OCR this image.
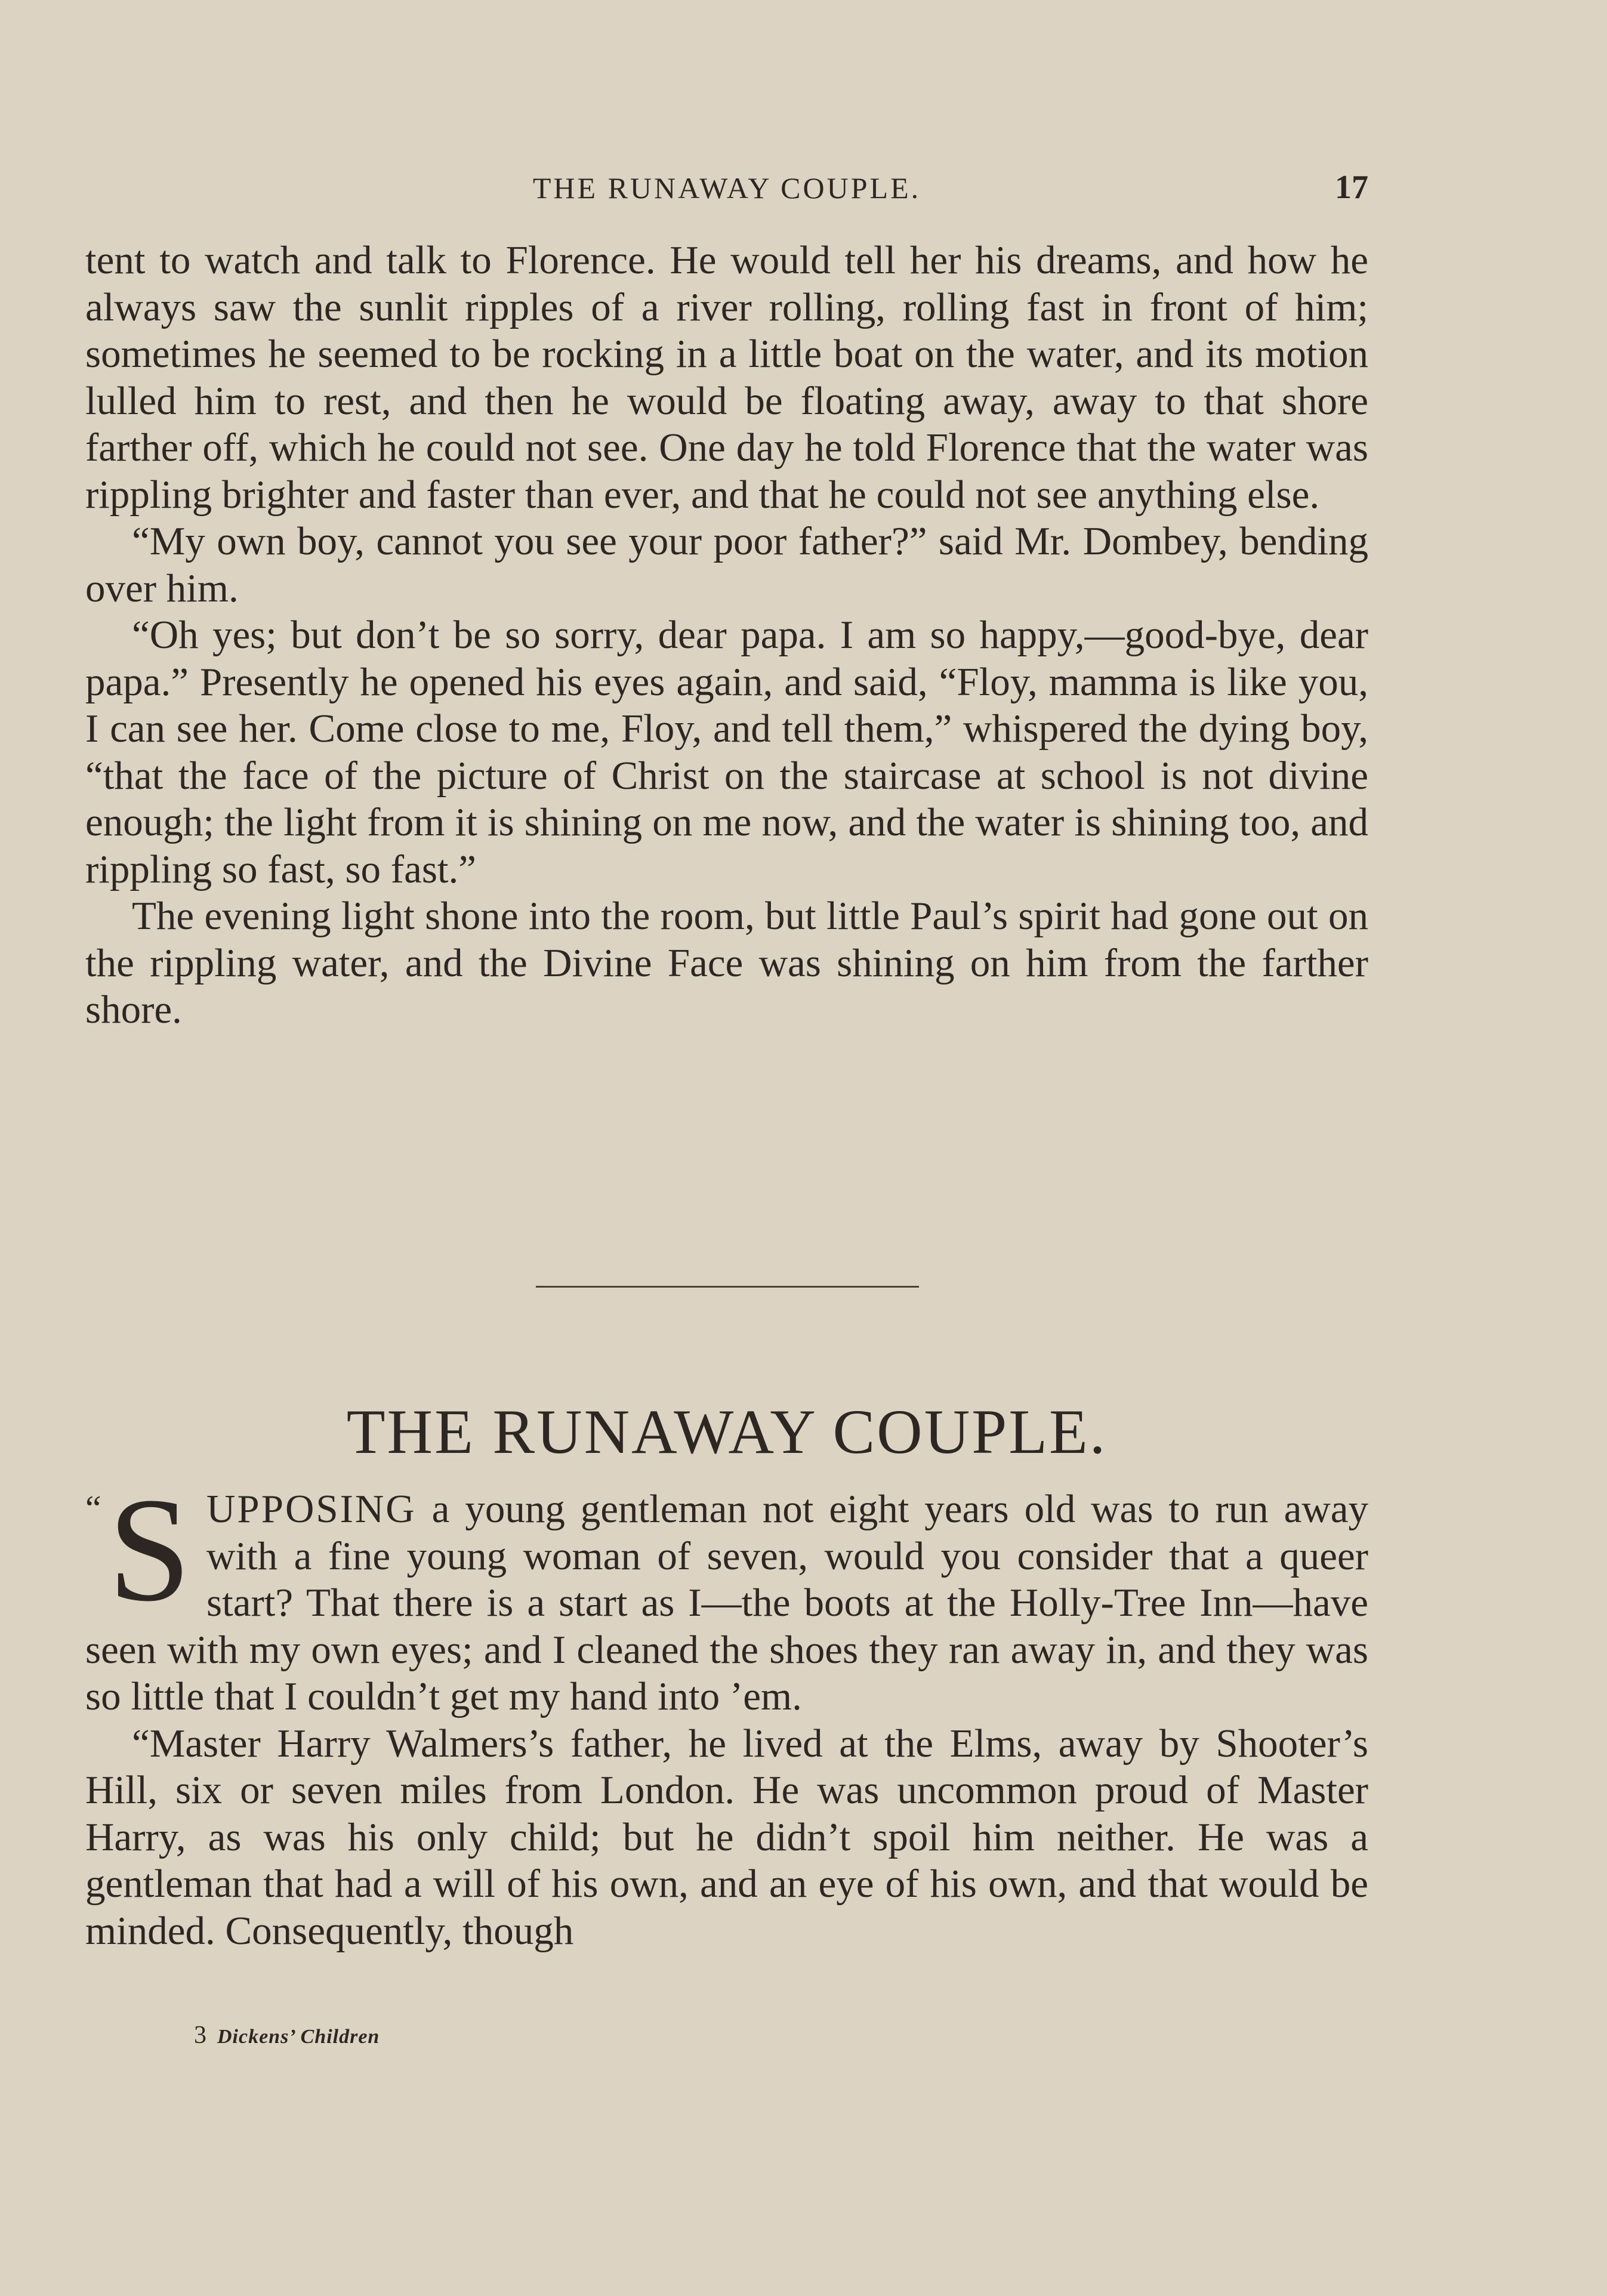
THE RUNAWAY COUPLE.	17

tent to watch and talk to Florence. He would tell her his dreams, and how he always saw the sunlit ripples of a river rolling, rolling fast in front of him; sometimes he seemed to be rocking in a little boat on the water, and its motion lulled him to rest, and then he would be floating away, away to that shore farther off, which he could not see. One day he told Florence that the water was rippling brighter and faster than ever, and that he could not see anything else.

“My own boy, cannot you see your poor father?” said Mr. Dombey, bending over him.

“Oh yes; but don’t be so sorry, dear papa. I am so happy,—good-bye, dear papa.” Presently he opened his eyes again, and said, “Floy, mamma is like you, I can see her. Come close to me, Floy, and tell them,” whispered the dying boy, “that the face of the picture of Christ on the staircase at school is not divine enough; the light from it is shining on me now, and the water is shining too, and rippling so fast, so fast.”

The evening light shone into the room, but little Paul’s spirit had gone out on the rippling water, and the Divine Face was shining on him from the farther shore.

THE RUNAWAY COUPLE.

“ S UPPOSING a young gentleman not eight years old was to run away with a fine young woman of seven, would you consider that a queer start? That there is a start as I—the boots at the Holly-Tree Inn—have seen with my own eyes; and I cleaned the shoes they ran away in, and they was so little that I couldn’t get my hand into ’em.

“Master Harry Walmers’s father, he lived at the Elms, away by Shooter’s Hill, six or seven miles from London. He was uncommon proud of Master Harry, as was his only child; but he didn’t spoil him neither. He was a gentleman that had a will of his own, and an eye of his own, and that would be minded. Consequently, though

3 Dickens’ Children
